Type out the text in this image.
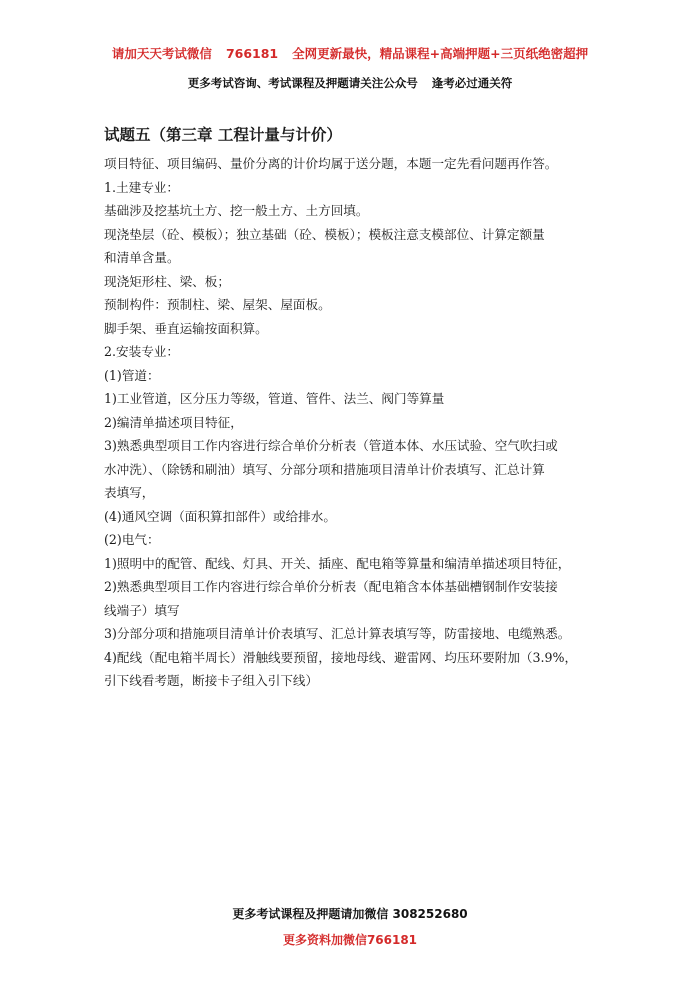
请加天天考试微信 766181 全网更新最快，精品课程+高端押题+三页纸绝密超押
更多考试咨询、考试课程及押题请关注公众号 逢考必过通关符
试题五（第三章 工程计量与计价）

项目特征、项目编码、量价分离的计价均属于送分题，本题一定先看问题再作答。

1.土建专业：

基础涉及挖基坑土方、挖一般土方、土方回填。

现浇垫层（砼、模板）；独立基础（砼、模板）；模板注意支模部位、计算定额量

和清单含量。

现浇矩形柱、梁、板；

预制构件：预制柱、梁、屋架、屋面板。

脚手架、垂直运输按面积算。

2.安装专业：

(1)管道：

1)工业管道，区分压力等级，管道、管件、法兰、阀门等算量

2)编清单描述项目特征，

3)熟悉典型项目工作内容进行综合单价分析表（管道本体、水压试验、空气吹扫或

水冲洗）、（除锈和刷油）填写、分部分项和措施项目清单计价表填写、汇总计算

表填写，

(4)通风空调（面积算扣部件）或给排水。

(2)电气：

1)照明中的配管、配线、灯具、开关、插座、配电箱等算量和编清单描述项目特征，

2)熟悉典型项目工作内容进行综合单价分析表（配电箱含本体基础槽钢制作安装接

线端子）填写

3)分部分项和措施项目清单计价表填写、汇总计算表填写等，防雷接地、电缆熟悉。

4)配线（配电箱半周长）滑触线要预留，接地母线、避雷网、均压环要附加（3.9%，

引下线看考题，断接卡子组入引下线）

更多考试课程及押题请加微信 308252680
更多资料加微信766181
